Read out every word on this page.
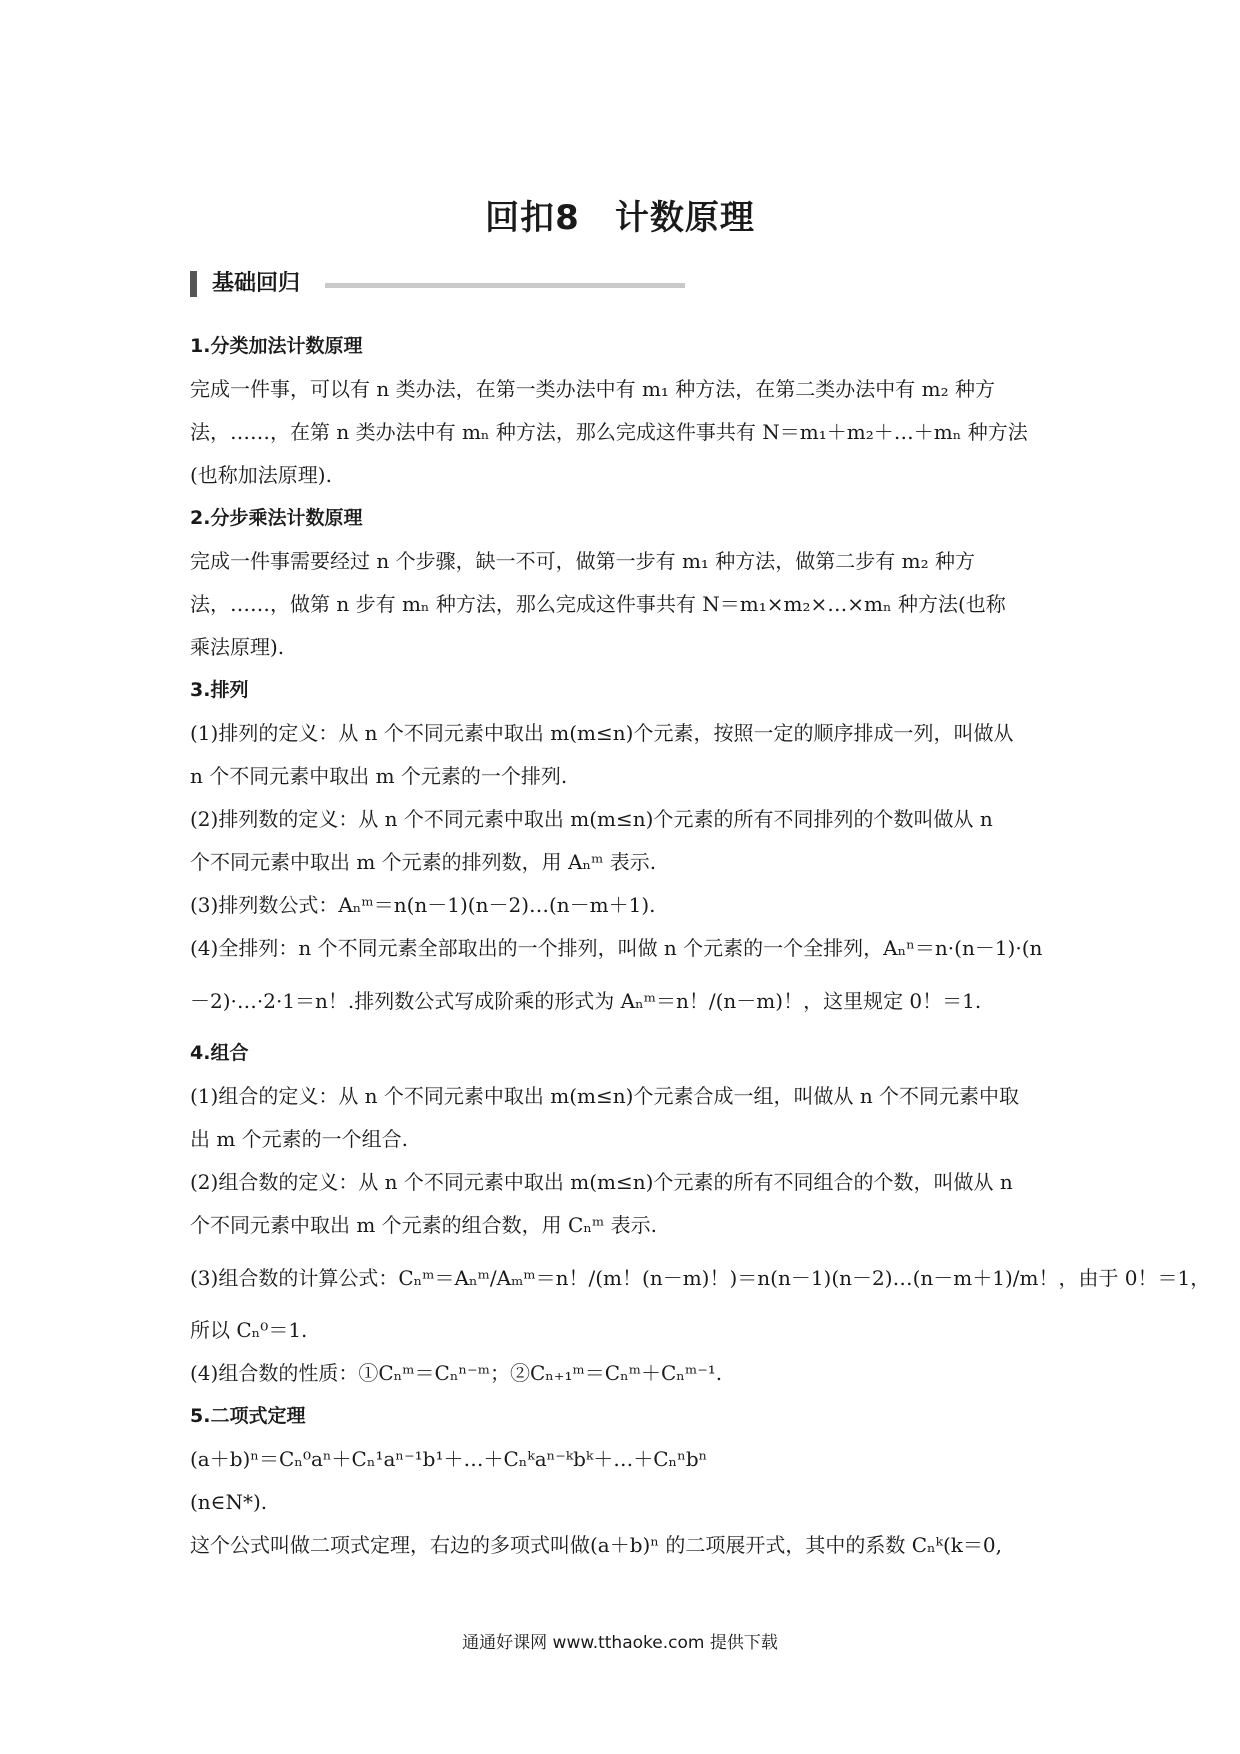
回扣8　计数原理
基础回归
1.分类加法计数原理
完成一件事，可以有 n 类办法，在第一类办法中有 m₁ 种方法，在第二类办法中有 m₂ 种方
法，……，在第 n 类办法中有 mₙ 种方法，那么完成这件事共有 N＝m₁＋m₂＋…＋mₙ 种方法
(也称加法原理).
2.分步乘法计数原理
完成一件事需要经过 n 个步骤，缺一不可，做第一步有 m₁ 种方法，做第二步有 m₂ 种方
法，……，做第 n 步有 mₙ 种方法，那么完成这件事共有 N＝m₁×m₂×…×mₙ 种方法(也称
乘法原理).
3.排列
(1)排列的定义：从 n 个不同元素中取出 m(m≤n)个元素，按照一定的顺序排成一列，叫做从
n 个不同元素中取出 m 个元素的一个排列.
(2)排列数的定义：从 n 个不同元素中取出 m(m≤n)个元素的所有不同排列的个数叫做从 n
个不同元素中取出 m 个元素的排列数，用 Aₙᵐ 表示.
(3)排列数公式：Aₙᵐ＝n(n－1)(n－2)…(n－m＋1).
(4)全排列：n 个不同元素全部取出的一个排列，叫做 n 个元素的一个全排列，Aₙⁿ＝n·(n－1)·(n
－2)·…·2·1＝n！.排列数公式写成阶乘的形式为 Aₙᵐ＝n！/(n－m)！，这里规定 0！＝1.
4.组合
(1)组合的定义：从 n 个不同元素中取出 m(m≤n)个元素合成一组，叫做从 n 个不同元素中取
出 m 个元素的一个组合.
(2)组合数的定义：从 n 个不同元素中取出 m(m≤n)个元素的所有不同组合的个数，叫做从 n
个不同元素中取出 m 个元素的组合数，用 Cₙᵐ 表示.
(3)组合数的计算公式：Cₙᵐ＝Aₙᵐ/Aₘᵐ＝n！/(m！(n－m)！)＝n(n－1)(n－2)…(n－m＋1)/m！，由于 0！＝1，
所以 Cₙ⁰＝1.
(4)组合数的性质：①Cₙᵐ＝Cₙⁿ⁻ᵐ；②Cₙ₊₁ᵐ＝Cₙᵐ＋Cₙᵐ⁻¹.
5.二项式定理
(a＋b)ⁿ＝Cₙ⁰aⁿ＋Cₙ¹aⁿ⁻¹b¹＋…＋Cₙᵏaⁿ⁻ᵏbᵏ＋…＋Cₙⁿbⁿ
(n∈N*).
这个公式叫做二项式定理，右边的多项式叫做(a＋b)ⁿ 的二项展开式，其中的系数 Cₙᵏ(k＝0,
通通好课网 www.tthaoke.com 提供下载
